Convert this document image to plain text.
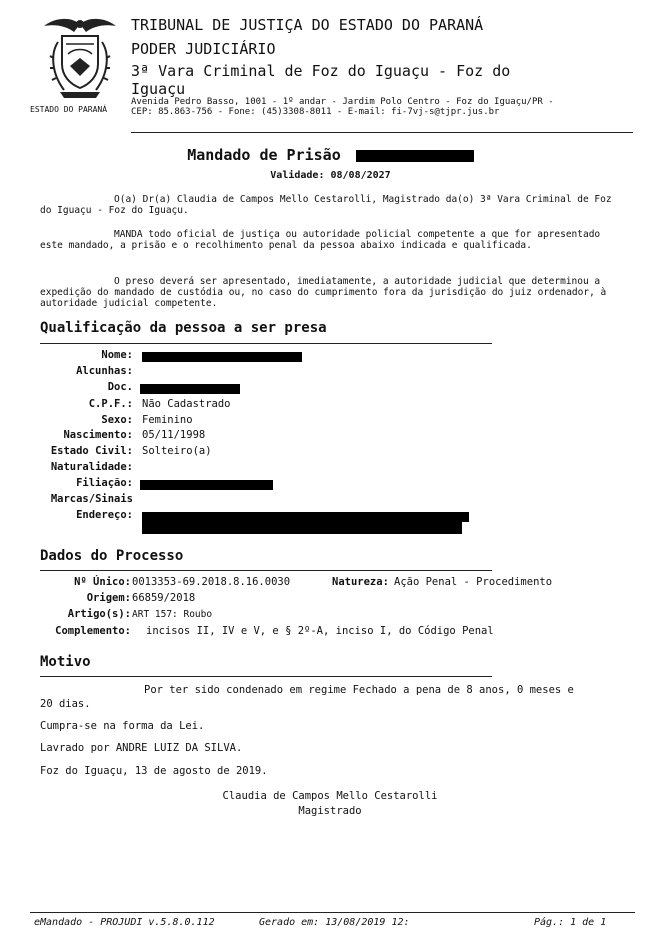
ESTADO DO PARANÁ
TRIBUNAL DE JUSTIÇA DO ESTADO DO PARANÁ
PODER JUDICIÁRIO
3ª Vara Criminal de Foz do Iguaçu - Foz do Iguaçu
Avenida Pedro Basso, 1001 - 1º andar - Jardim Polo Centro - Foz do Iguaçu/PR -
CEP: 85.863-756 - Fone: (45)3308-8011 - E-mail: fi-7vj-s@tjpr.jus.br
Mandado de Prisão
Validade: 08/08/2027
O(a) Dr(a) Claudia de Campos Mello Cestarolli, Magistrado da(o) 3ª Vara Criminal de Foz do Iguaçu - Foz do Iguaçu.
MANDA todo oficial de justiça ou autoridade policial competente a que for apresentado este mandado, a prisão e o recolhimento penal da pessoa abaixo indicada e qualificada.
O preso deverá ser apresentado, imediatamente, a autoridade judicial que determinou a expedição do mandado de custódia ou, no caso do cumprimento fora da jurisdição do juiz ordenador, à autoridade judicial competente.
Qualificação da pessoa a ser presa
Nome:
Alcunhas:
Doc.
C.P.F.: Não Cadastrado
Sexo: Feminino
Nascimento: 05/11/1998
Estado Civil: Solteiro(a)
Naturalidade:
Filiação:
Marcas/Sinais
Endereço:
Dados do Processo
Nº Único: 0013353-69.2018.8.16.0030	Natureza: Ação Penal - Procedimento
Origem: 66859/2018
Artigo(s): ART 157: Roubo
Complemento: incisos II, IV e V, e § 2º-A, inciso I, do Código Penal
Motivo
Por ter sido condenado em regime Fechado a pena de 8 anos, 0 meses e
20 dias.
Cumpra-se na forma da Lei.
Lavrado por ANDRE LUIZ DA SILVA.
Foz do Iguaçu, 13 de agosto de 2019.
Claudia de Campos Mello Cestarolli
Magistrado
eMandado - PROJUDI v.5.8.0.112	Gerado em: 13/08/2019 12:	Pág.: 1 de 1
